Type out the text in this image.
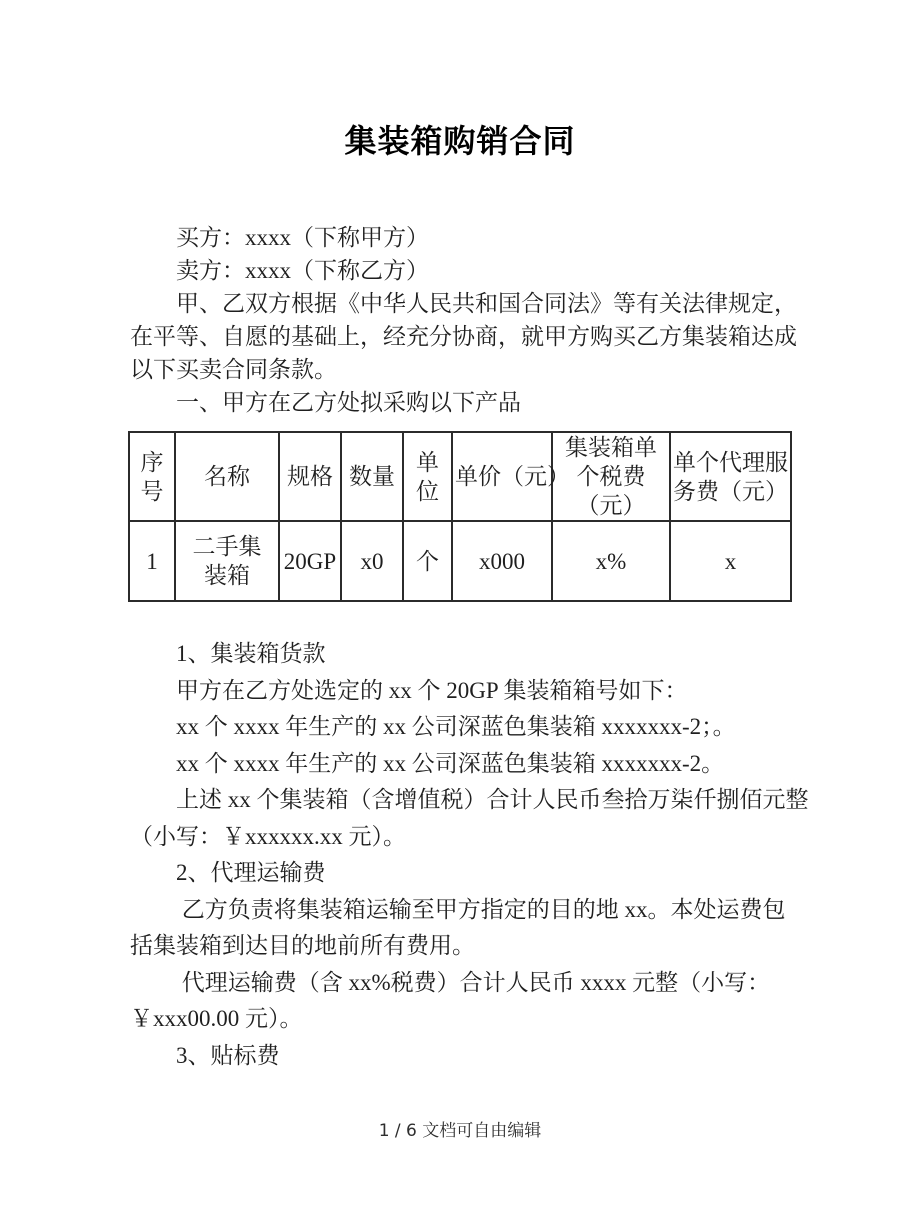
集装箱购销合同
　　买方：xxxx（下称甲方）
　　卖方：xxxx（下称乙方）
　　甲、乙双方根据《中华人民共和国合同法》等有关法律规定，
在平等、自愿的基础上，经充分协商，就甲方购买乙方集装箱达成
以下买卖合同条款。
　　一、甲方在乙方处拟采购以下产品
序号	名称	规格	数量	单位	单价（元）	集装箱单个税费（元）	单个代理服务费（元）
1	二手集装箱	20GP	x0	个	x000	x%	x
　　1、集装箱货款
　　甲方在乙方处选定的 xx 个 20GP 集装箱箱号如下：
　　xx 个 xxxx 年生产的 xx 公司深蓝色集装箱 xxxxxxx-2；。
　　xx 个 xxxx 年生产的 xx 公司深蓝色集装箱 xxxxxxx-2。
　　上述 xx 个集装箱（含增值税）合计人民币叁拾万柒仟捌佰元整
（小写：￥xxxxxx.xx 元）。
　　2、代理运输费
　　 乙方负责将集装箱运输至甲方指定的目的地 xx。本处运费包
括集装箱到达目的地前所有费用。
　　 代理运输费（含 xx%税费）合计人民币 xxxx 元整（小写：
￥xxx00.00 元）。
　　3、贴标费
1 / 6 文档可自由编辑
